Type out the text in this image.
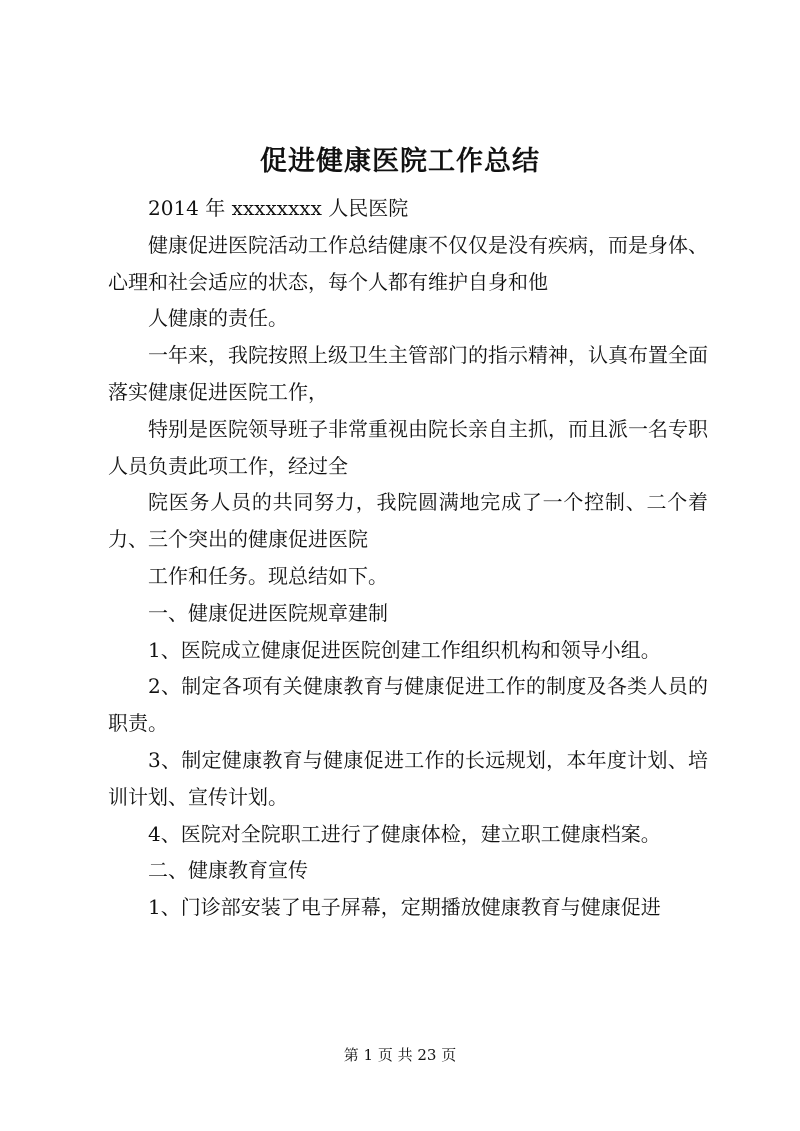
促进健康医院工作总结

2014 年 xxxxxxxx 人民医院

健康促进医院活动工作总结健康不仅仅是没有疾病，而是身体、心理和社会适应的状态，每个人都有维护自身和他

人健康的责任。

一年来，我院按照上级卫生主管部门的指示精神，认真布置全面落实健康促进医院工作，

特别是医院领导班子非常重视由院长亲自主抓，而且派一名专职人员负责此项工作，经过全

院医务人员的共同努力，我院圆满地完成了一个控制、二个着力、三个突出的健康促进医院

工作和任务。现总结如下。

一、健康促进医院规章建制

1、医院成立健康促进医院创建工作组织机构和领导小组。

2、制定各项有关健康教育与健康促进工作的制度及各类人员的职责。

3、制定健康教育与健康促进工作的长远规划，本年度计划、培训计划、宣传计划。

4、医院对全院职工进行了健康体检，建立职工健康档案。

二、健康教育宣传

1、门诊部安装了电子屏幕，定期播放健康教育与健康促进

第 1 页 共 23 页
